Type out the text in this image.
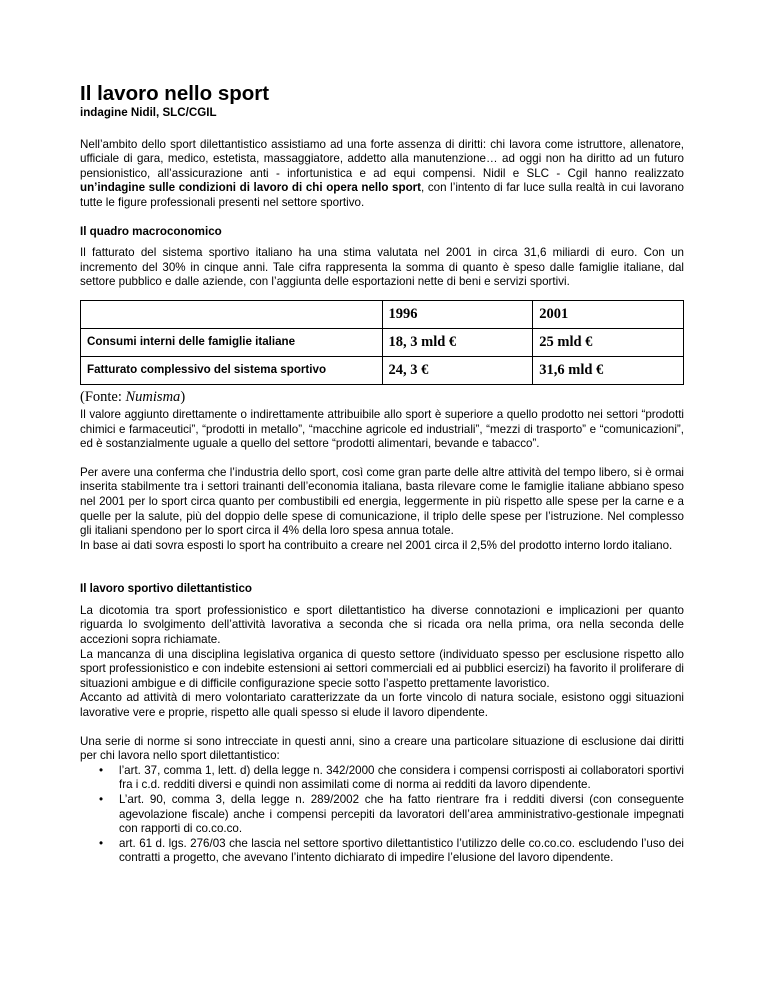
Il lavoro nello sport
indagine Nidil, SLC/CGIL

Nell’ambito dello sport dilettantistico assistiamo ad una forte assenza di diritti: chi lavora come istruttore, allenatore, ufficiale di gara, medico, estetista, massaggiatore, addetto alla manutenzione… ad oggi non ha diritto ad un futuro pensionistico, all’assicurazione anti - infortunistica e ad equi compensi. Nidil e SLC - Cgil hanno realizzato un’indagine sulle condizioni di lavoro di chi opera nello sport, con l’intento di far luce sulla realtà in cui lavorano tutte le figure professionali presenti nel settore sportivo.

Il quadro macroconomico

Il fatturato del sistema sportivo italiano ha una stima valutata nel 2001 in circa 31,6 miliardi di euro. Con un incremento del 30% in cinque anni. Tale cifra rappresenta la somma di quanto è speso dalle famiglie italiane, dal settore pubblico e dalle aziende, con l’aggiunta delle esportazioni nette di beni e servizi sportivi.

	1996	2001
Consumi interni delle famiglie italiane	18, 3 mld €	25 mld €
Fatturato complessivo del sistema sportivo	24, 3 €	31,6 mld €
(Fonte: Numisma)

Il valore aggiunto direttamente o indirettamente attribuibile allo sport è superiore a quello prodotto nei settori “prodotti chimici e farmaceutici”, “prodotti in metallo”, “macchine agricole ed industriali”, “mezzi di trasporto” e “comunicazioni”, ed è sostanzialmente uguale a quello del settore “prodotti alimentari, bevande e tabacco”.

Per avere una conferma che l’industria dello sport, così come gran parte delle altre attività del tempo libero, si è ormai inserita stabilmente tra i settori trainanti dell’economia italiana, basta rilevare come le famiglie italiane abbiano speso nel 2001 per lo sport circa quanto per combustibili ed energia, leggermente in più rispetto alle spese per la carne e a quelle per la salute, più del doppio delle spese di comunicazione, il triplo delle spese per l’istruzione. Nel complesso gli italiani spendono per lo sport circa il 4% della loro spesa annua totale.

In base ai dati sovra esposti lo sport ha contribuito a creare nel 2001 circa il 2,5% del prodotto interno lordo italiano.

Il lavoro sportivo dilettantistico

La dicotomia tra sport professionistico e sport dilettantistico ha diverse connotazioni e implicazioni per quanto riguarda lo svolgimento dell’attività lavorativa a seconda che si ricada ora nella prima, ora nella seconda delle accezioni sopra richiamate.

La mancanza di una disciplina legislativa organica di questo settore (individuato spesso per esclusione rispetto allo sport professionistico e con indebite estensioni ai settori commerciali ed ai pubblici esercizi) ha favorito il proliferare di situazioni ambigue e di difficile configurazione specie sotto l’aspetto prettamente lavoristico.

Accanto ad attività di mero volontariato caratterizzate da un forte vincolo di natura sociale, esistono oggi situazioni lavorative vere e proprie, rispetto alle quali spesso si elude il lavoro dipendente.

Una serie di norme si sono intrecciate in questi anni, sino a creare una particolare situazione di esclusione dai diritti per chi lavora nello sport dilettantistico:

• l’art. 37, comma 1, lett. d) della legge n. 342/2000 che considera i compensi corrisposti ai collaboratori sportivi fra i c.d. redditi diversi e quindi non assimilati come di norma ai redditi da lavoro dipendente.
• L’art. 90, comma 3, della legge n. 289/2002 che ha fatto rientrare fra i redditi diversi (con conseguente agevolazione fiscale) anche i compensi percepiti da lavoratori dell’area amministrativo-gestionale impegnati con rapporti di co.co.co.
• art. 61 d. lgs. 276/03 che lascia nel settore sportivo dilettantistico l’utilizzo delle co.co.co. escludendo l’uso dei contratti a progetto, che avevano l’intento dichiarato di impedire l’elusione del lavoro dipendente.
